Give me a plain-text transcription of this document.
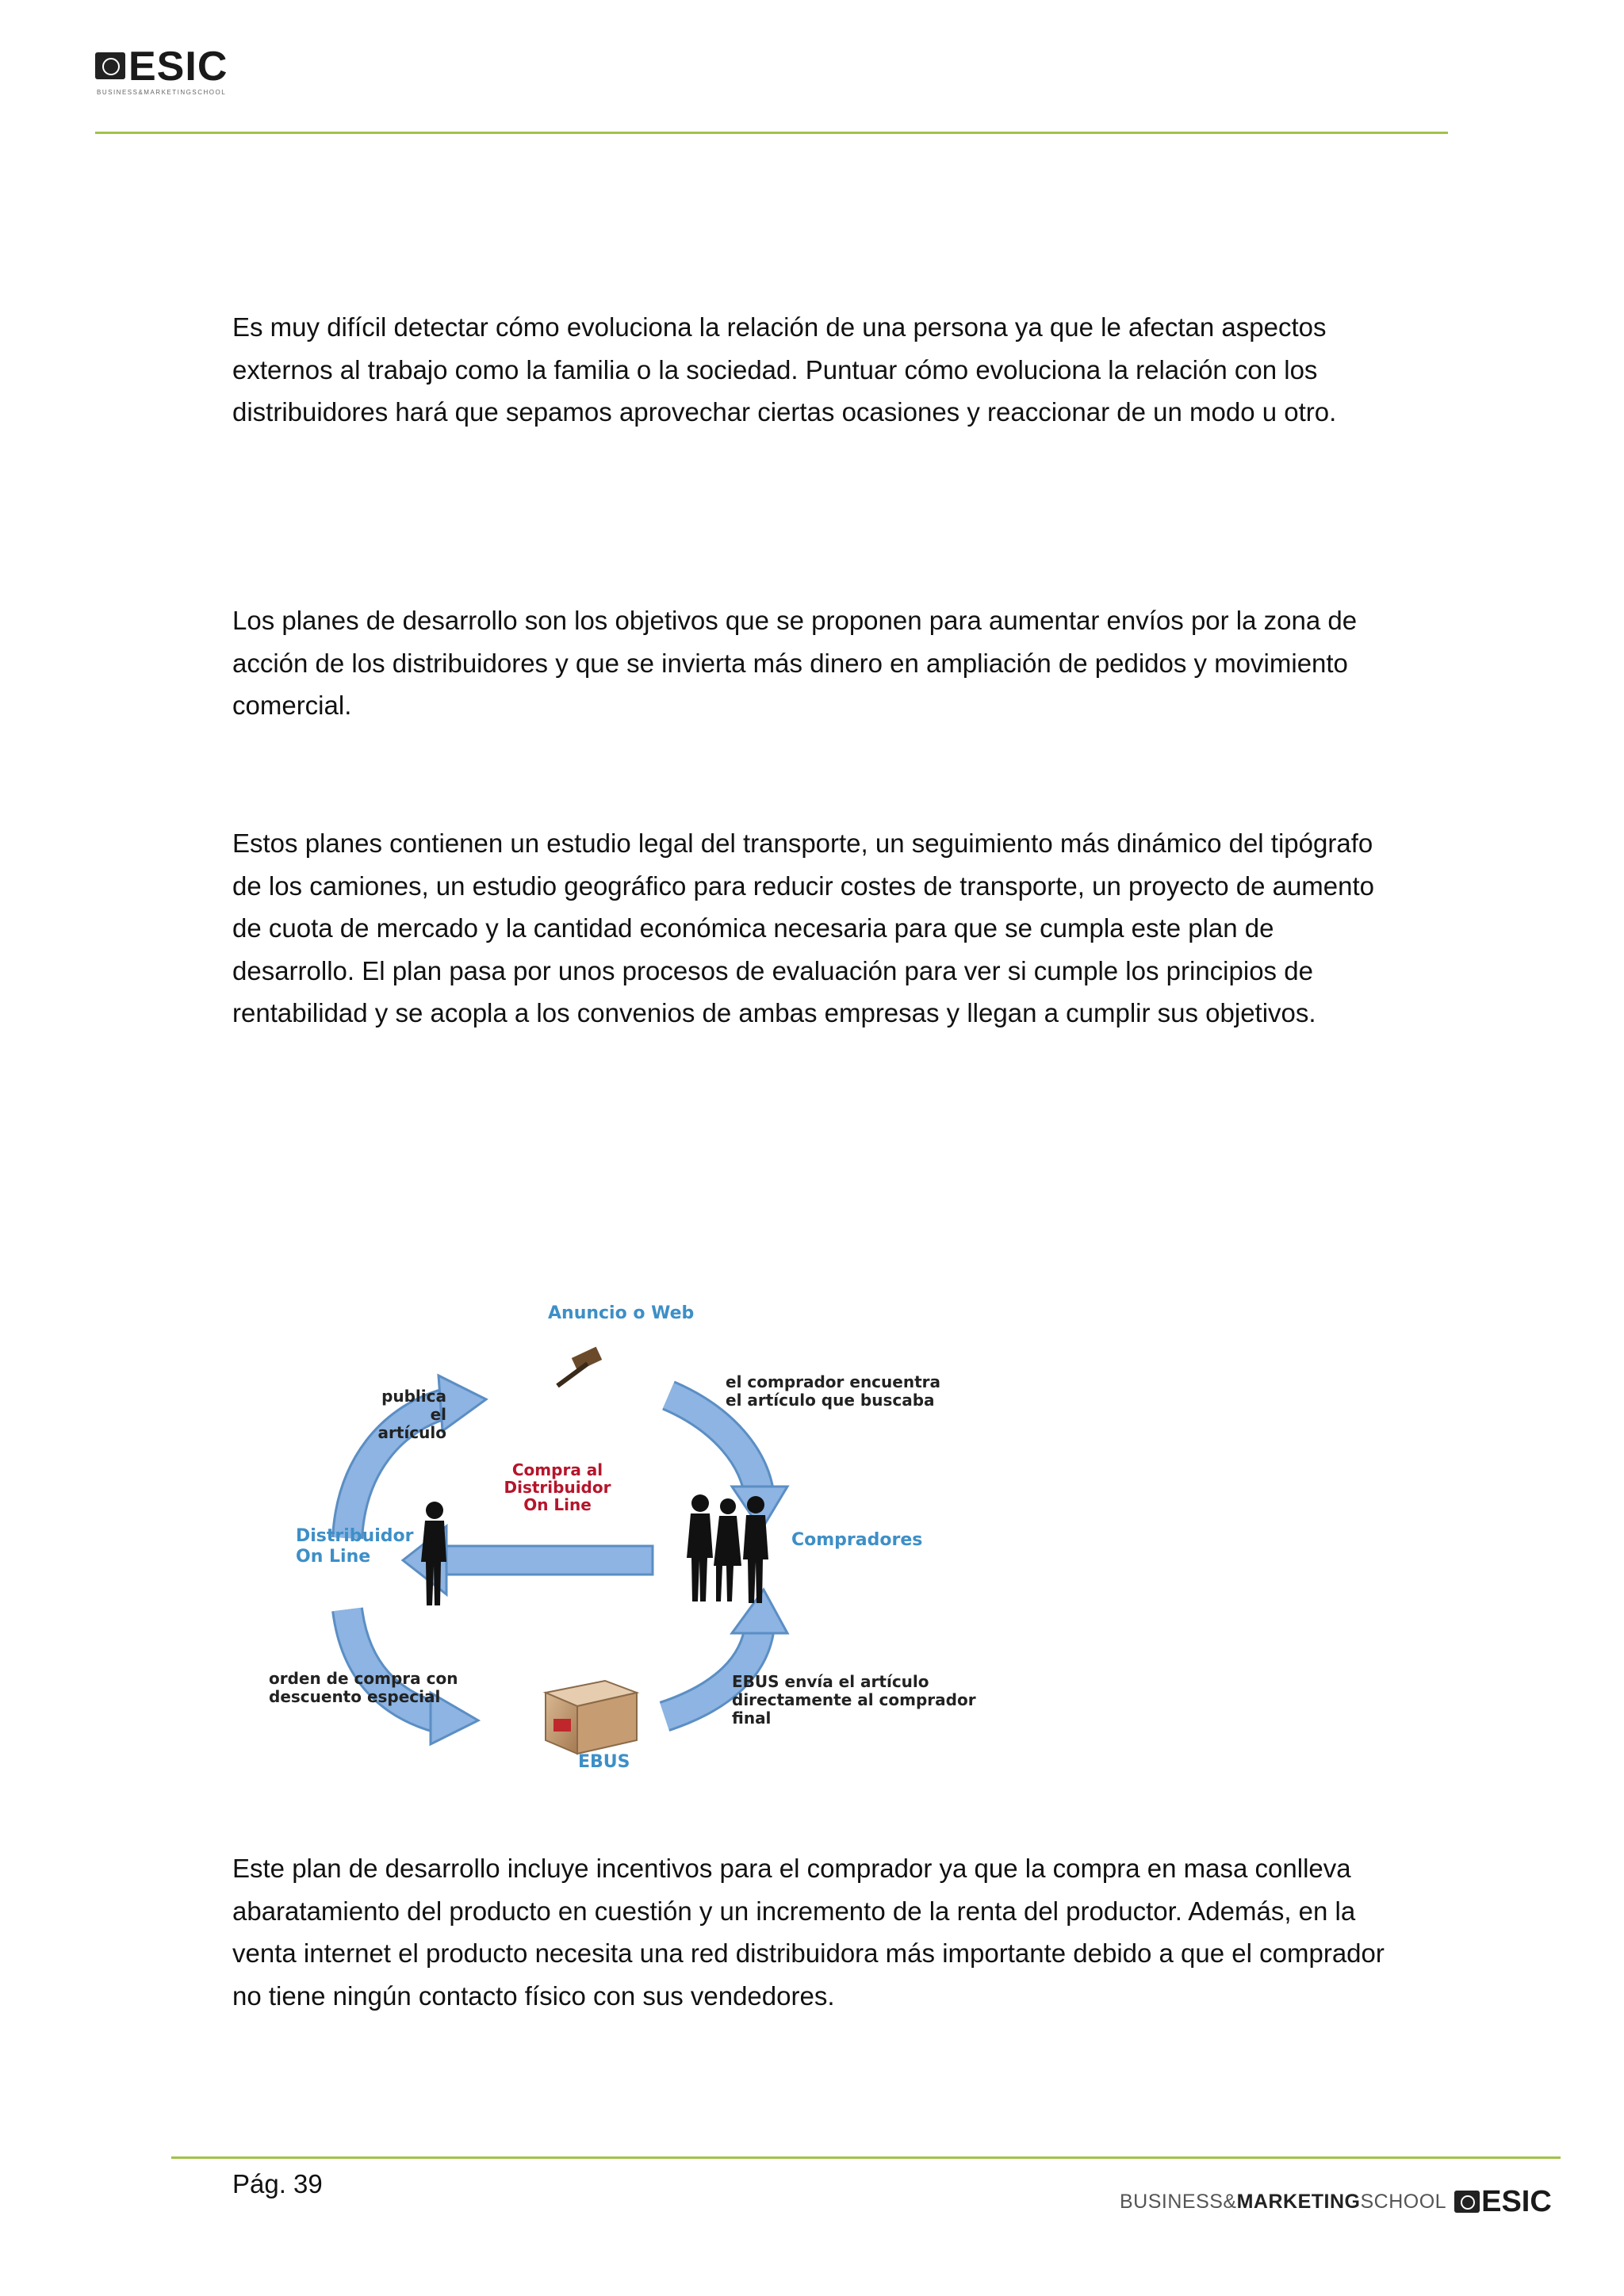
ESIC
BUSINESS&MARKETINGSCHOOL

Es muy difícil detectar cómo evoluciona la relación de una persona ya que le afectan aspectos externos al trabajo como la familia o la sociedad. Puntuar cómo evoluciona la relación con los distribuidores hará que sepamos aprovechar ciertas ocasiones y reaccionar de un modo u otro.

Los planes de desarrollo son los objetivos que se proponen para aumentar envíos por la zona de acción de los distribuidores y que se invierta más dinero en ampliación de pedidos y movimiento comercial.

Estos planes contienen un estudio legal del transporte, un seguimiento más dinámico del tipógrafo de los camiones, un estudio geográfico para reducir costes de transporte, un proyecto de aumento de cuota de mercado y la cantidad económica necesaria para que se cumpla este plan de desarrollo. El plan pasa por unos procesos de evaluación para ver si cumple los principios de rentabilidad y se acopla a los convenios de ambas empresas y llegan a cumplir sus objetivos.

Anuncio o Web
Compradores
EBUS
Distribuidor
On Line
Compra al
Distribuidor
On Line
publica
el artículo
el comprador encuentra
el artículo que buscaba
orden de compra con
descuento especial
EBUS envía el artículo
directamente al comprador
final

Este plan de desarrollo incluye incentivos para el comprador ya que la compra en masa conlleva abaratamiento del producto en cuestión y un incremento de la renta del productor. Además, en la venta internet el producto necesita una red distribuidora más importante debido a que el comprador no tiene ningún contacto físico con sus vendedores.

Pág. 39
BUSINESS&MARKETINGSCHOOL ESIC
